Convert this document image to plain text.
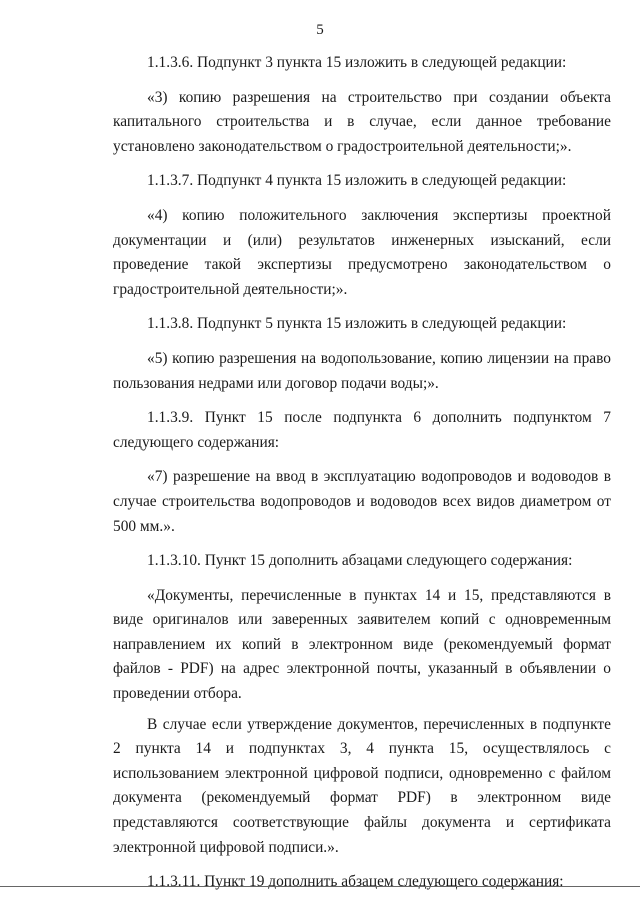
5

1.1.3.6. Подпункт 3 пункта 15 изложить в следующей редакции:

«3) копию разрешения на строительство при создании объекта капитального строительства и в случае, если данное требование установлено законодательством о градостроительной деятельности;».

1.1.3.7. Подпункт 4 пункта 15 изложить в следующей редакции:

«4) копию положительного заключения экспертизы проектной документации и (или) результатов инженерных изысканий, если проведение такой экспертизы предусмотрено законодательством о градостроительной деятельности;».

1.1.3.8. Подпункт 5 пункта 15 изложить в следующей редакции:

«5) копию разрешения на водопользование, копию лицензии на право пользования недрами или договор подачи воды;».

1.1.3.9. Пункт 15 после подпункта 6 дополнить подпунктом 7 следующего содержания:

«7) разрешение на ввод в эксплуатацию водопроводов и водоводов в случае строительства водопроводов и водоводов всех видов диаметром от 500 мм.».

1.1.3.10. Пункт 15 дополнить абзацами следующего содержания:

«Документы, перечисленные в пунктах 14 и 15, представляются в виде оригиналов или заверенных заявителем копий с одновременным направлением их копий в электронном виде (рекомендуемый формат файлов - PDF) на адрес электронной почты, указанный в объявлении о проведении отбора.

В случае если утверждение документов, перечисленных в подпункте 2 пункта 14 и подпунктах 3, 4 пункта 15, осуществлялось с использованием электронной цифровой подписи, одновременно с файлом документа (рекомендуемый формат PDF) в электронном виде представляются соответствующие файлы документа и сертификата электронной цифровой подписи.».

1.1.3.11. Пункт 19 дополнить абзацем следующего содержания:
